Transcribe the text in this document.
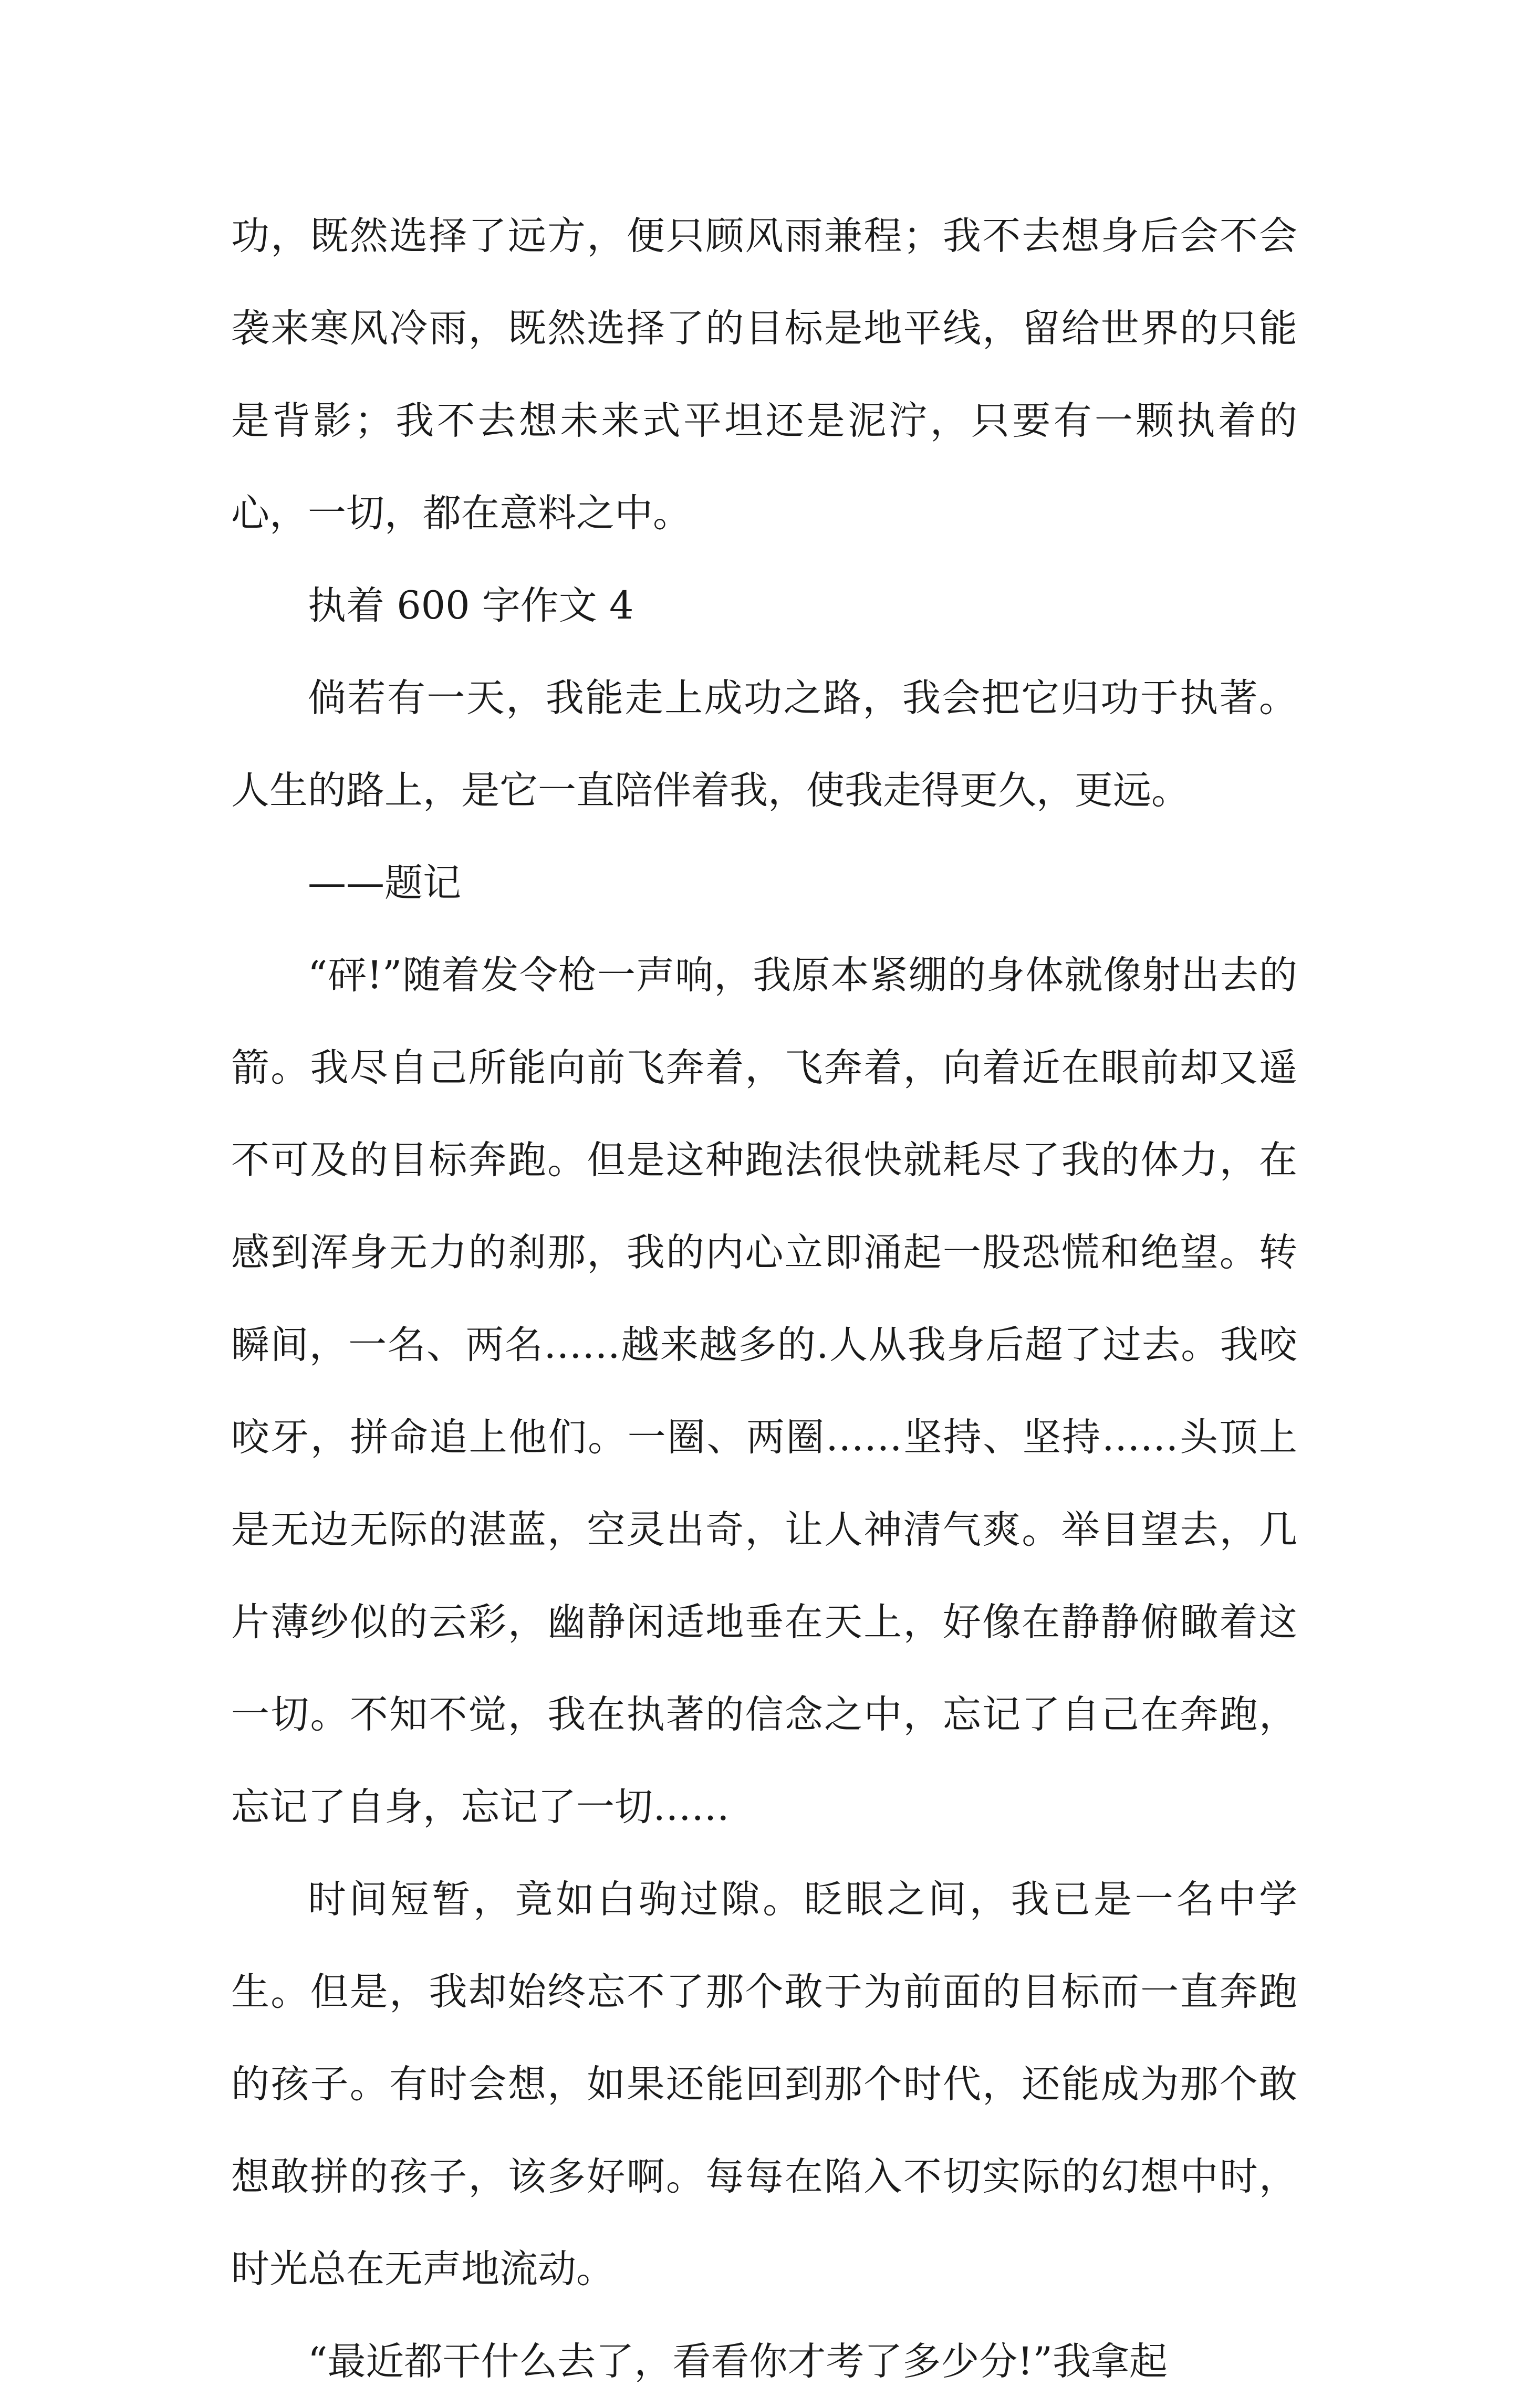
功，既然选择了远方，便只顾风雨兼程；我不去想身后会不会袭来寒风冷雨，既然选择了的目标是地平线，留给世界的只能是背影；我不去想未来式平坦还是泥泞，只要有一颗执着的心，一切，都在意料之中。

执着 600 字作文 4

倘若有一天，我能走上成功之路，我会把它归功于执著。人生的路上，是它一直陪伴着我，使我走得更久，更远。

——题记

“砰!”随着发令枪一声响，我原本紧绷的身体就像射出去的箭。我尽自己所能向前飞奔着，飞奔着，向着近在眼前却又遥不可及的目标奔跑。但是这种跑法很快就耗尽了我的体力，在感到浑身无力的刹那，我的内心立即涌起一股恐慌和绝望。转瞬间，一名、两名……越来越多的.人从我身后超了过去。我咬咬牙，拼命追上他们。一圈、两圈……坚持、坚持……头顶上是无边无际的湛蓝，空灵出奇，让人神清气爽。举目望去，几片薄纱似的云彩，幽静闲适地垂在天上，好像在静静俯瞰着这一切。不知不觉，我在执著的信念之中，忘记了自己在奔跑，忘记了自身，忘记了一切……

时间短暂，竟如白驹过隙。眨眼之间，我已是一名中学生。但是，我却始终忘不了那个敢于为前面的目标而一直奔跑的孩子。有时会想，如果还能回到那个时代，还能成为那个敢想敢拼的孩子，该多好啊。每每在陷入不切实际的幻想中时，时光总在无声地流动。

“最近都干什么去了，看看你才考了多少分!”我拿起
